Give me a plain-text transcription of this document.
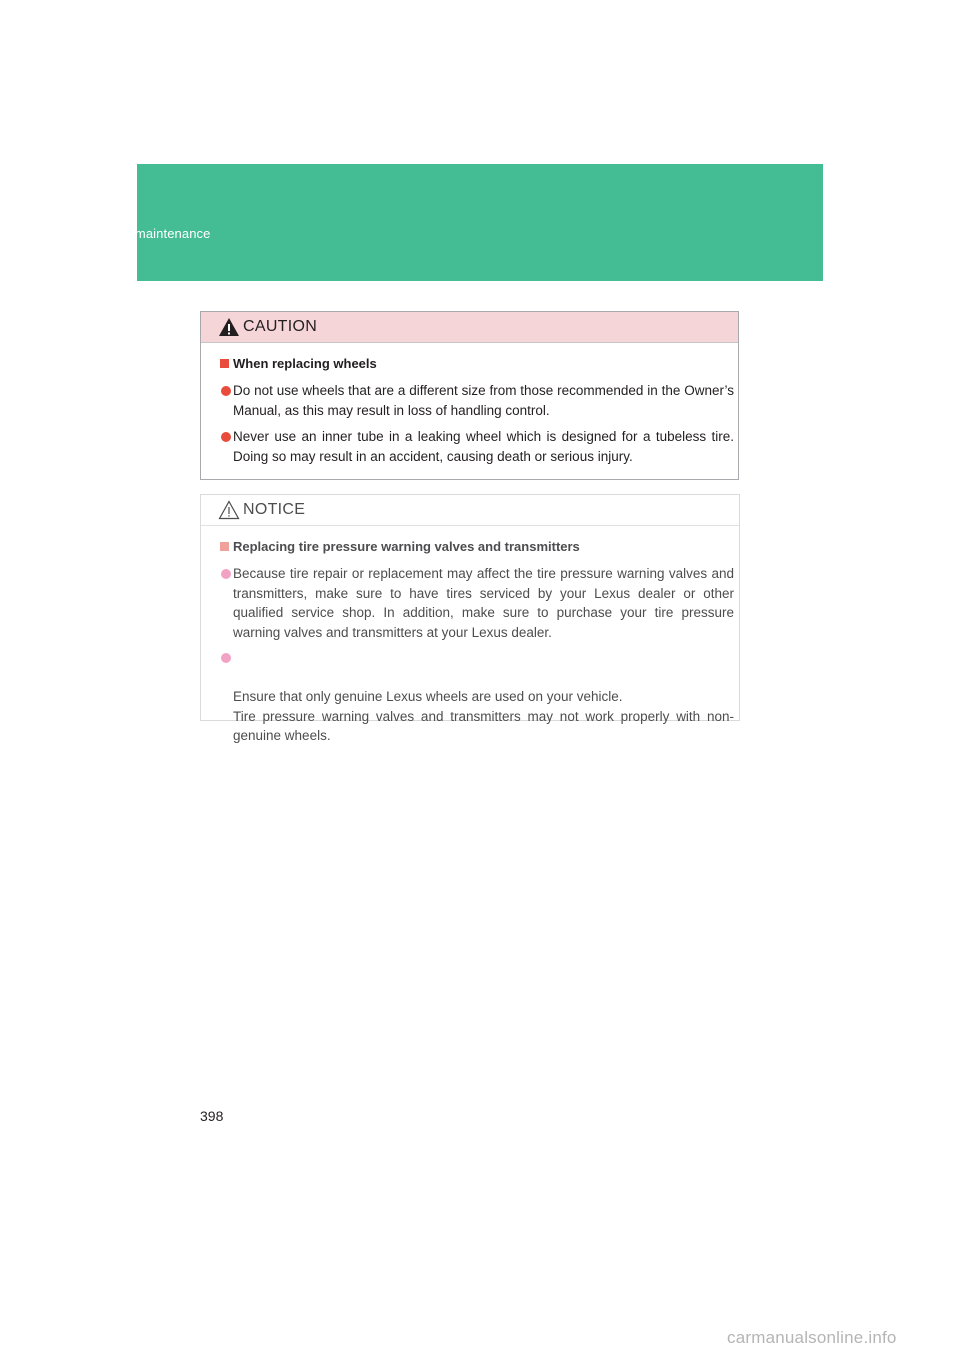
4-3. Do-it-yourself maintenance
CAUTION
When replacing wheels

Do not use wheels that are a different size from those recommended in the Owner’s Manual, as this may result in loss of handling control.

Never use an inner tube in a leaking wheel which is designed for a tubeless tire. Doing so may result in an accident, causing death or serious injury.

NOTICE
Replacing tire pressure warning valves and transmitters

Because tire repair or replacement may affect the tire pressure warning valves and transmitters, make sure to have tires serviced by your Lexus dealer or other qualified service shop. In addition, make sure to purchase your tire pressure warning valves and transmitters at your Lexus dealer.

Ensure that only genuine Lexus wheels are used on your vehicle.
Tire pressure warning valves and transmitters may not work properly with non-genuine wheels.

398

carmanualsonline.info
